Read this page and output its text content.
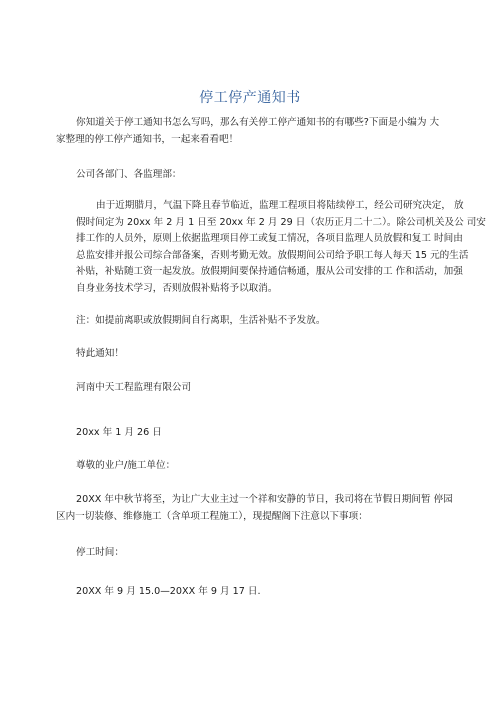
停工停产通知书
你知道关于停工通知书怎么写吗，那么有关停工停产通知书的有哪些?下面是小编为 大
家整理的停工停产通知书，一起来看看吧！
公司各部门、各监理部：
由于近期腊月，气温下降且春节临近，监理工程项目将陆续停工，经公司研究决定， 放
假时间定为 20xx 年 2 月 1 日至 20xx 年 2 月 29 日（农历正月二十二）。除公司机关及公 司安
排工作的人员外，原则上依据监理项目停工或复工情况，各项目监理人员放假和复工 时间由
总监安排并报公司综合部备案，否则考勤无效。放假期间公司给予职工每人每天 15 元的生活
补贴，补贴随工资一起发放。放假期间要保持通信畅通，服从公司安排的工 作和活动，加强
自身业务技术学习，否则放假补贴将予以取消。
注：如提前离职或放假期间自行离职，生活补贴不予发放。
特此通知！
河南中天工程监理有限公司
20xx 年 1 月 26 日
尊敬的业户/施工单位：
20XX 年中秋节将至，为让广大业主过一个祥和安静的节日，我司将在节假日期间暂 停园
区内一切装修、维修施工（含单项工程施工），现提醒阁下注意以下事项：
停工时间：
20XX 年 9 月 15.0—20XX 年 9 月 17 日.
